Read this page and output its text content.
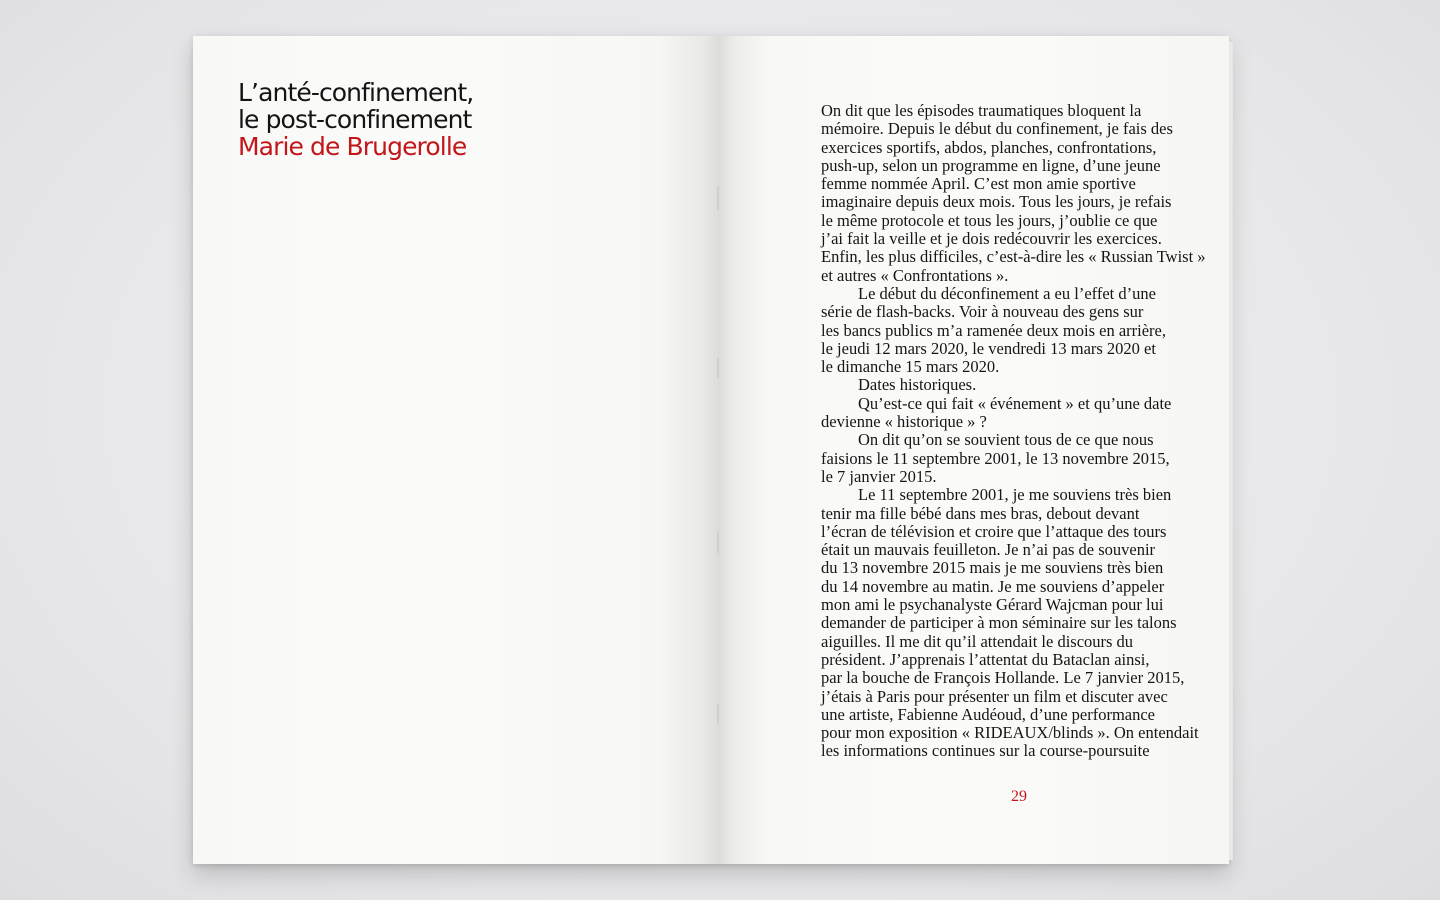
L’anté-confinement,
le post-confinement
Marie de Brugerolle

On dit que les épisodes traumatiques bloquent la

mémoire. Depuis le début du confinement, je fais des

exercices sportifs, abdos, planches, confrontations,

push-up, selon un programme en ligne, d’une jeune

femme nommée April. C’est mon amie sportive

imaginaire depuis deux mois. Tous les jours, je refais

le même protocole et tous les jours, j’oublie ce que

j’ai fait la veille et je dois redécouvrir les exercices.

Enfin, les plus difficiles, c’est-à-dire les « Russian Twist »

et autres « Confrontations ».

Le début du déconfinement a eu l’effet d’une

série de flash-backs. Voir à nouveau des gens sur

les bancs publics m’a ramenée deux mois en arrière,

le jeudi 12 mars 2020, le vendredi 13 mars 2020 et

le dimanche 15 mars 2020.

Dates historiques.

Qu’est-ce qui fait « événement » et qu’une date

devienne « historique » ?

On dit qu’on se souvient tous de ce que nous

faisions le 11 septembre 2001, le 13 novembre 2015,

le 7 janvier 2015.

Le 11 septembre 2001, je me souviens très bien

tenir ma fille bébé dans mes bras, debout devant

l’écran de télévision et croire que l’attaque des tours

était un mauvais feuilleton. Je n’ai pas de souvenir

du 13 novembre 2015 mais je me souviens très bien

du 14 novembre au matin. Je me souviens d’appeler

mon ami le psychanalyste Gérard Wajcman pour lui

demander de participer à mon séminaire sur les talons

aiguilles. Il me dit qu’il attendait le discours du

président. J’apprenais l’attentat du Bataclan ainsi,

par la bouche de François Hollande. Le 7 janvier 2015,

j’étais à Paris pour présenter un film et discuter avec

une artiste, Fabienne Audéoud, d’une performance

pour mon exposition « RIDEAUX/blinds ». On entendait

les informations continues sur la course-poursuite

29
